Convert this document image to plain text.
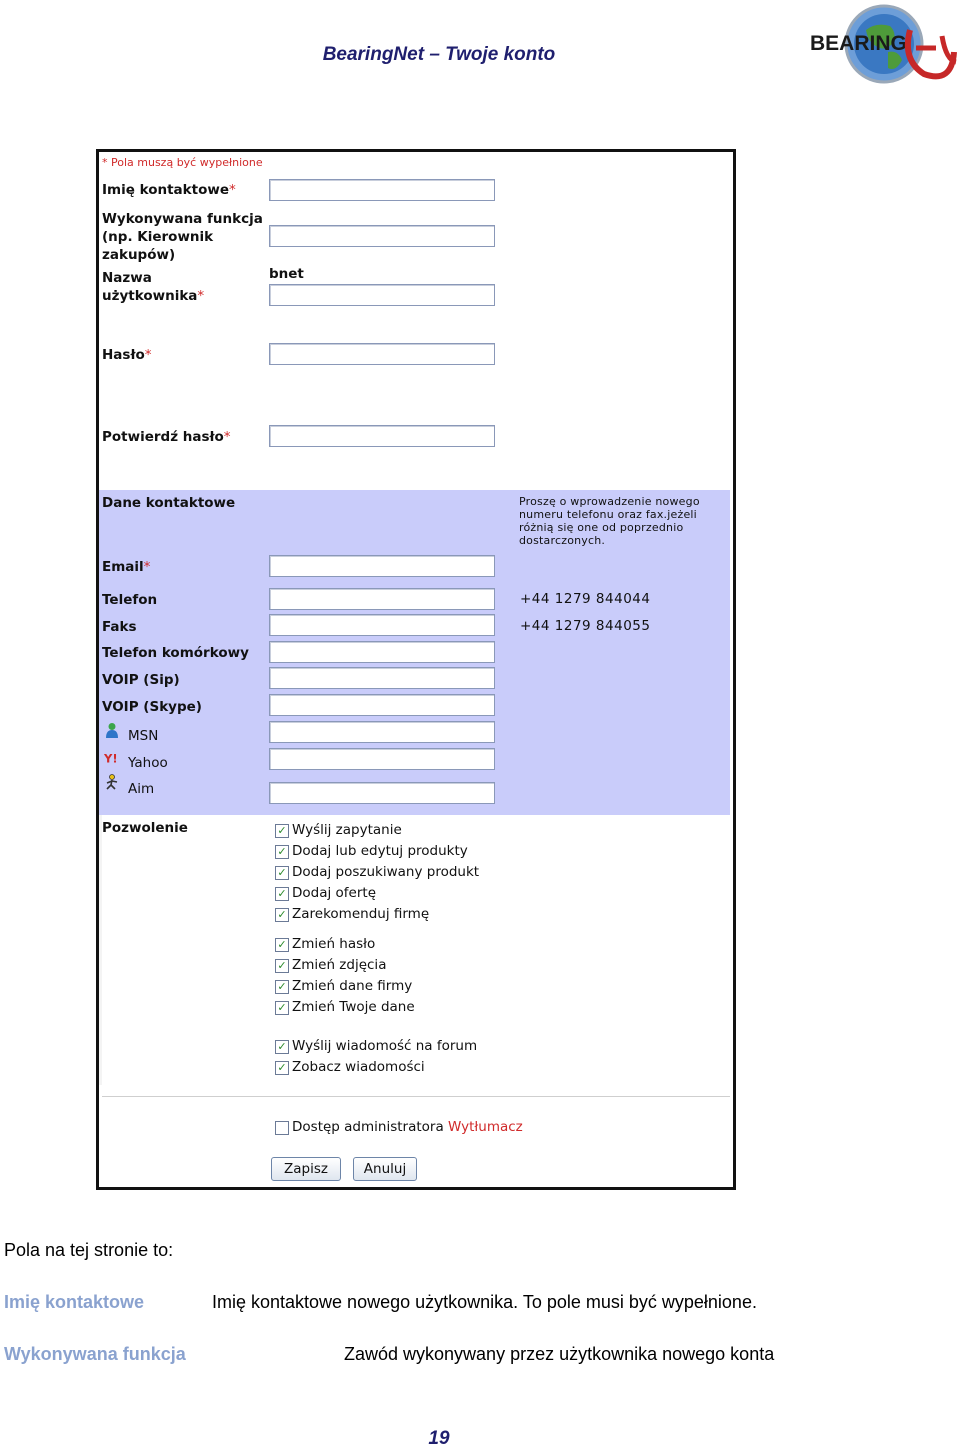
BearingNet – Twoje konto	BEARING
* Pola muszą być wypełnione
Imię kontaktowe*
Wykonywana funkcja (np. Kierownik zakupów)
Nazwa użytkownika*
bnet
Hasło*
Potwierdź hasło*
Dane kontaktowe	Proszę o wprowadzenie nowego numeru telefonu oraz fax.jeżeli różnią się one od poprzednio dostarczonych.
Email*
Telefon	+44 1279 844044
Faks	+44 1279 844055
Telefon komórkowy
VOIP (Sip)
VOIP (Skype)
MSN
Y! Yahoo
Aim
Pozwolenie	✓ Wyślij zapytanie
✓ Dodaj lub edytuj produkty
✓ Dodaj poszukiwany produkt
✓ Dodaj ofertę
✓ Zarekomenduj firmę
✓ Zmień hasło
✓ Zmień zdjęcia
✓ Zmień dane firmy
✓ Zmień Twoje dane
✓ Wyślij wiadomość na forum
✓ Zobacz wiadomości
Dostęp administratora
Wytłumacz
Zapisz	Anuluj
Pola na tej stronie to:
Imię kontaktowe	Imię kontaktowe nowego użytkownika. To pole musi być wypełnione.
Wykonywana funkcja	Zawód wykonywany przez użytkownika nowego konta
19
